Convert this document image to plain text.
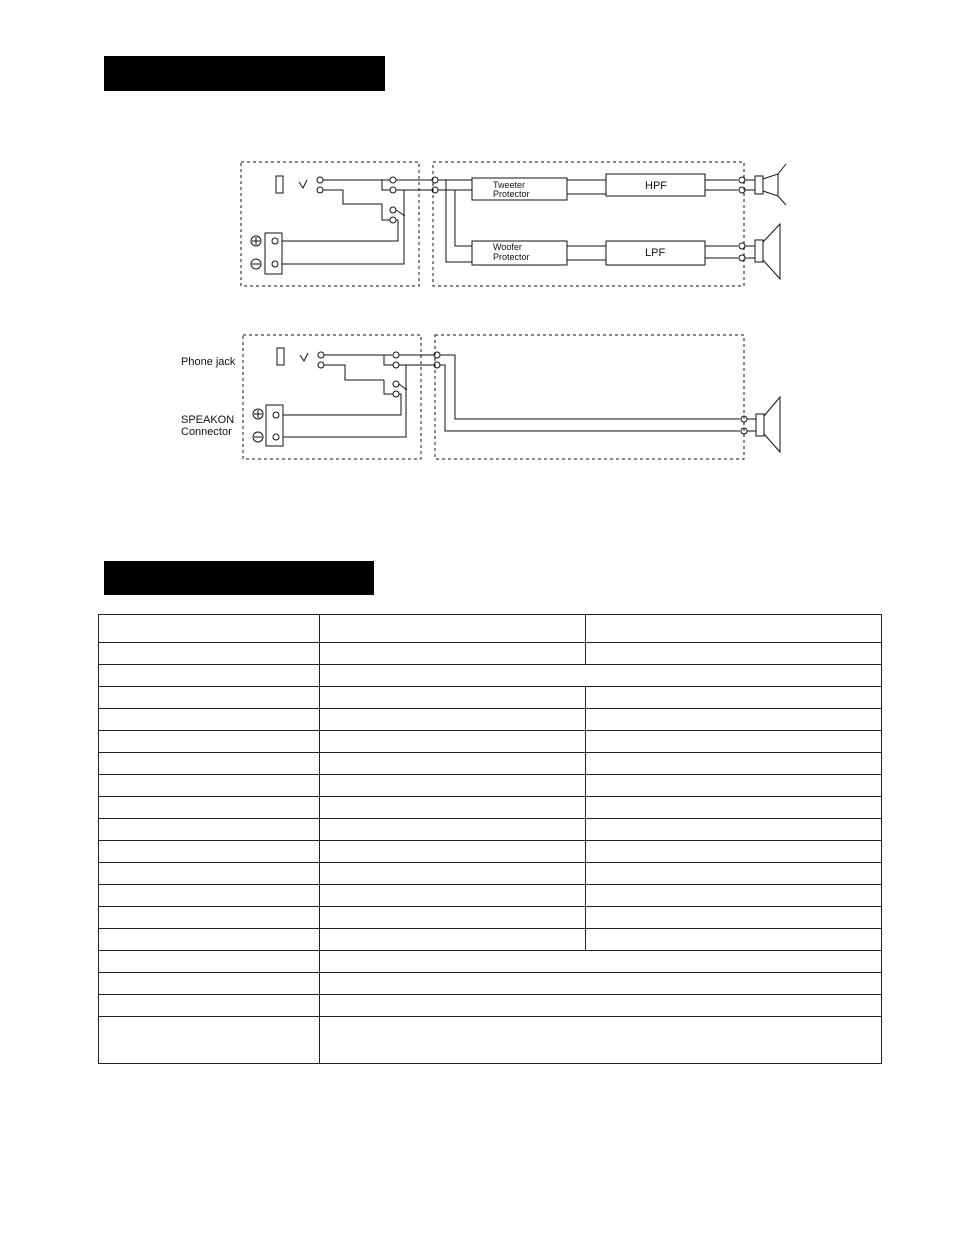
Tweeter
Protector
Woofer
Protector
HPF
LPF
Phone jack
SPEAKON
Connector
